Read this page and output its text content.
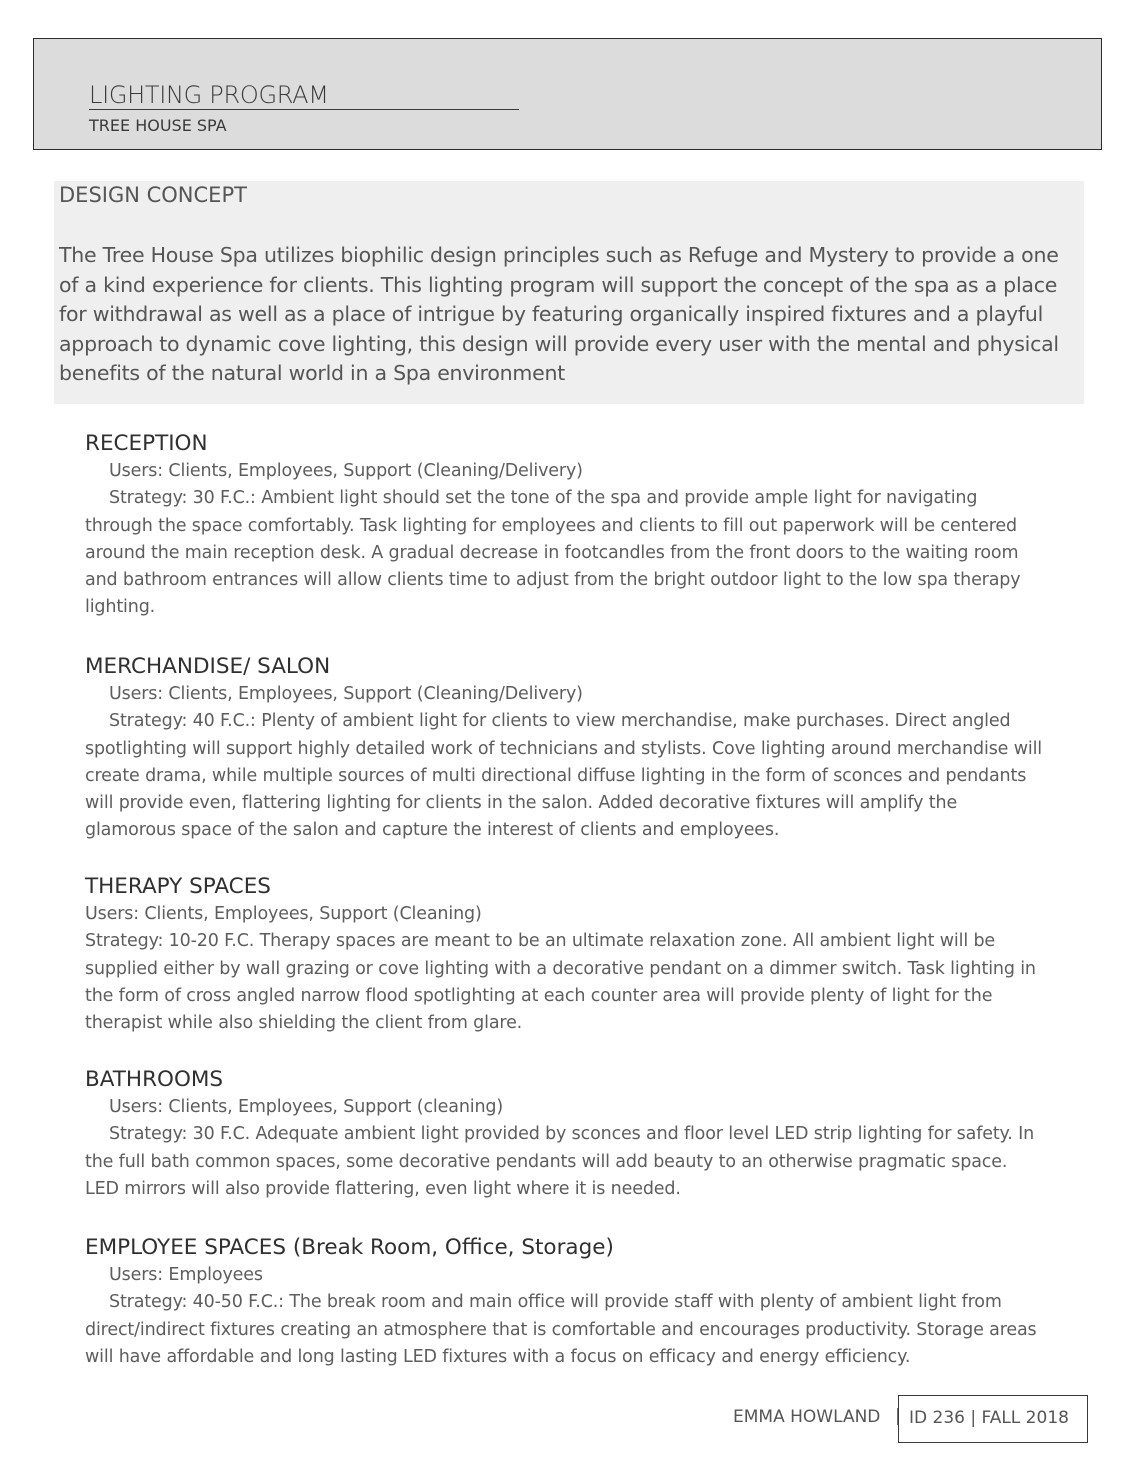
LIGHTING PROGRAM
TREE HOUSE SPA
DESIGN CONCEPT
The Tree House Spa utilizes biophilic design principles such as Refuge and Mystery to provide a one of a kind experience for clients. This lighting program will support the concept of the spa as a place for withdrawal as well as a place of intrigue by featuring organically inspired fixtures and a playful approach to dynamic cove lighting, this design will provide every user with the mental and physical benefits of the natural world in a Spa environment
RECEPTION
Users: Clients, Employees, Support (Cleaning/Delivery)
Strategy: 30 F.C.: Ambient light should set the tone of the spa and provide ample light for navigating through the space comfortably. Task lighting for employees and clients to fill out paperwork will be centered around the main reception desk. A gradual decrease in footcandles from the front doors to the waiting room and bathroom entrances will allow clients time to adjust from the bright outdoor light to the low spa therapy lighting.
MERCHANDISE/ SALON
Users: Clients, Employees, Support (Cleaning/Delivery)
Strategy: 40 F.C.: Plenty of ambient light for clients to view merchandise, make purchases. Direct angled spotlighting will support highly detailed work of technicians and stylists. Cove lighting around merchandise will create drama, while multiple sources of multi directional diffuse lighting in the form of sconces and pendants will provide even, flattering lighting for clients in the salon. Added decorative fixtures will amplify the glamorous space of the salon and capture the interest of clients and employees.
THERAPY SPACES
Users: Clients, Employees, Support (Cleaning)
Strategy: 10-20 F.C. Therapy spaces are meant to be an ultimate relaxation zone. All ambient light will be supplied either by wall grazing or cove lighting with a decorative pendant on a dimmer switch. Task lighting in the form of cross angled narrow flood spotlighting at each counter area will provide plenty of light for the therapist while also shielding the client from glare.
BATHROOMS
Users: Clients, Employees, Support (cleaning)
Strategy: 30 F.C. Adequate ambient light provided by sconces and floor level LED strip lighting for safety. In the full bath common spaces, some decorative pendants will add beauty to an otherwise pragmatic space. LED mirrors will also provide flattering, even light where it is needed.
EMPLOYEE SPACES (Break Room, Office, Storage)
Users: Employees
Strategy: 40-50 F.C.: The break room and main office will provide staff with plenty of ambient light from direct/indirect fixtures creating an atmosphere that is comfortable and encourages productivity. Storage areas will have affordable and long lasting LED fixtures with a focus on efficacy and energy efficiency.
EMMA HOWLAND | ID 236 | FALL 2018
